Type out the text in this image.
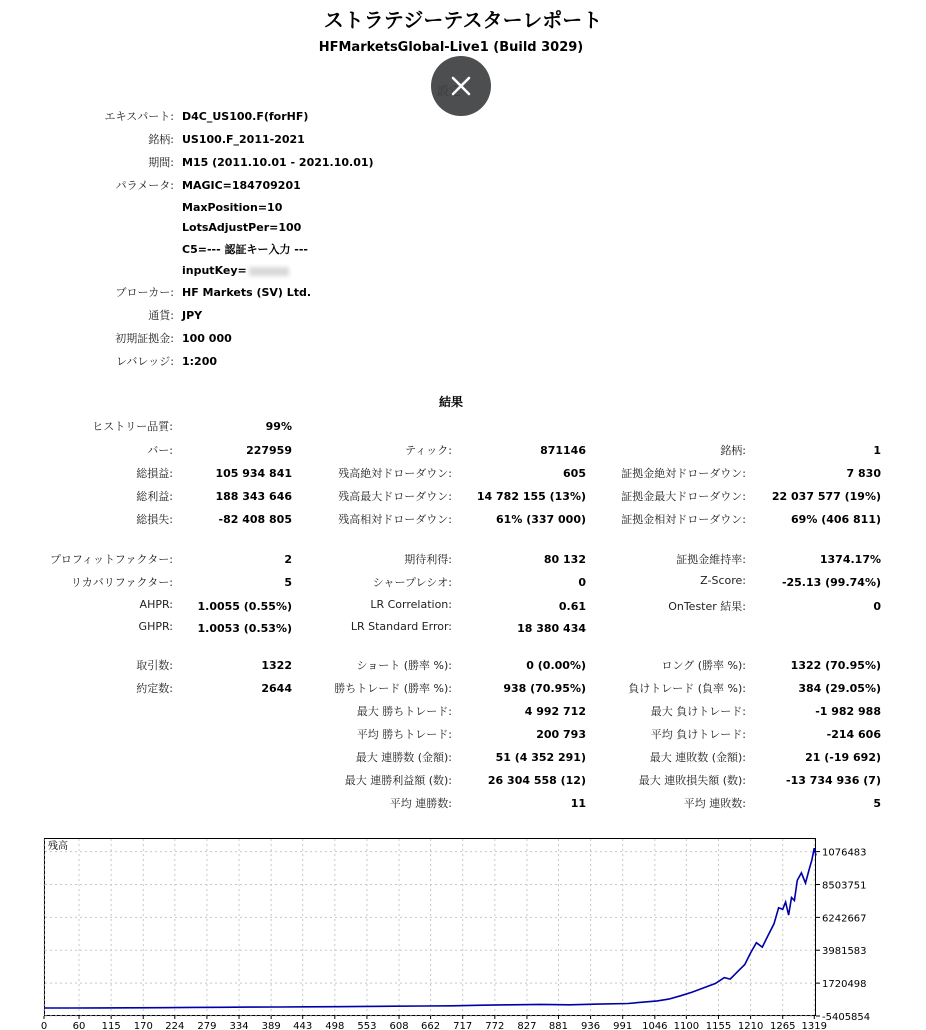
ストラテジーテスターレポート
HFMarketsGlobal-Live1 (Build 3029)
エキスパート: D4C_US100.F(forHF)
銘柄: US100.F_2011-2021
期間: M15 (2011.10.01 - 2021.10.01)
パラメータ: MAGIC=184709201
MaxPosition=10
LotsAdjustPer=100
C5=--- 認証キー入力 ---
inputKey=
ブローカー: HF Markets (SV) Ltd.
通貨: JPY
初期証拠金: 100 000
レバレッジ: 1:200
結果
ヒストリー品質:	99%
バー:	227959	ティック:	871146	銘柄:	1
総損益:	105 934 841	残高絶対ドローダウン:	605	証拠金絶対ドローダウン:	7 830
総利益:	188 343 646	残高最大ドローダウン:	14 782 155 (13%)	証拠金最大ドローダウン:	22 037 577 (19%)
総損失:	-82 408 805	残高相対ドローダウン:	61% (337 000)	証拠金相対ドローダウン:	69% (406 811)
プロフィットファクター:	2	期待利得:	80 132	証拠金維持率:	1374.17%
リカバリファクター:	5	シャープレシオ:	0	Z-Score:	-25.13 (99.74%)
AHPR:	1.0055 (0.55%)	LR Correlation:	0.61	OnTester 結果:	0
GHPR:	1.0053 (0.53%)	LR Standard Error:	18 380 434
取引数:	1322	ショート (勝率 %):	0 (0.00%)	ロング (勝率 %):	1322 (70.95%)
約定数:	2644	勝ちトレード (勝率 %):	938 (70.95%)	負けトレード (負率 %):	384 (29.05%)
最大 勝ちトレード:	4 992 712	最大 負けトレード:	-1 982 988
平均 勝ちトレード:	200 793	平均 負けトレード:	-214 606
最大 連勝数 (金額):	51 (4 352 291)	最大 連敗数 (金額):	21 (-19 692)
最大 連勝利益額 (数):	26 304 558 (12)	最大 連敗損失額 (数):	-13 734 936 (7)
平均 連勝数:	11	平均 連敗数:	5
1076483
8503751
6242667
3981583
1720498
-5405854
0	60 115 170 224 279 334 389 443 498 553 608 662 717 772 827 881 936 991 1046 1100 1155 1210 1265 1319
残高
